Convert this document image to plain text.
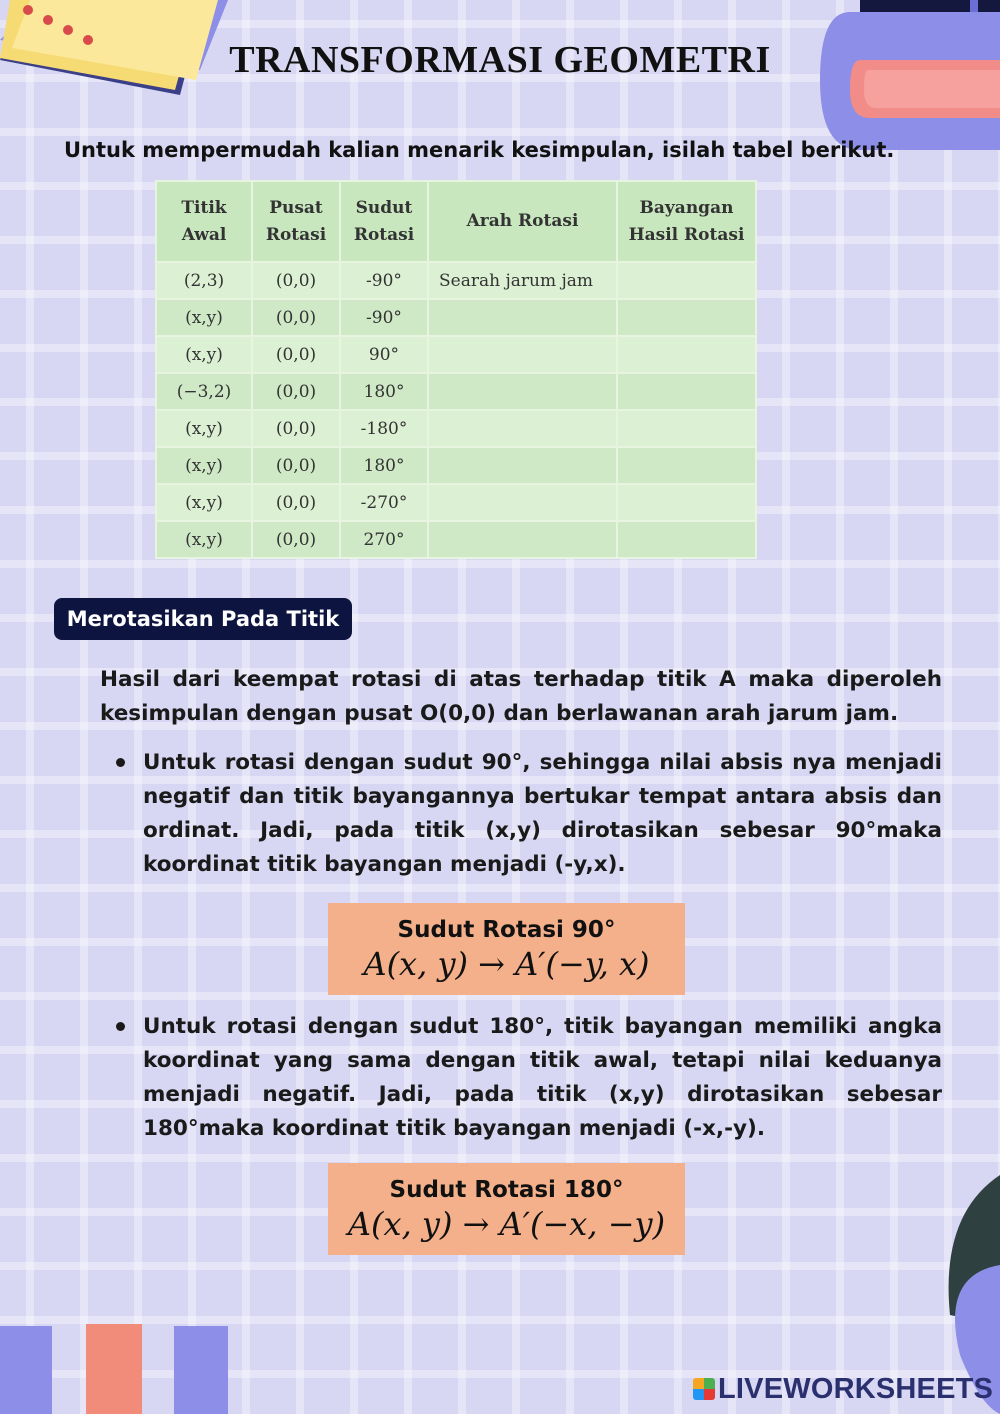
TRANSFORMASI GEOMETRI
Untuk mempermudah kalian menarik kesimpulan, isilah tabel berikut.
Titik Awal	Pusat Rotasi	Sudut Rotasi	Arah Rotasi	Bayangan Hasil Rotasi
(2,3)	(0,0)	-90°	Searah jarum jam	
(x,y)	(0,0)	-90°		
(x,y)	(0,0)	90°		
(−3,2)	(0,0)	180°		
(x,y)	(0,0)	-180°		
(x,y)	(0,0)	180°		
(x,y)	(0,0)	-270°		
(x,y)	(0,0)	270°		
Merotasikan Pada Titik
Hasil dari keempat rotasi di atas terhadap titik A maka diperoleh kesimpulan dengan pusat O(0,0) dan berlawanan arah jarum jam.
Untuk rotasi dengan sudut 90°, sehingga nilai absis nya menjadi negatif dan titik bayangannya bertukar tempat antara absis dan ordinat. Jadi, pada titik (x,y) dirotasikan sebesar 90°maka koordinat titik bayangan menjadi (-y,x).
Sudut Rotasi 90°
A(x, y) → A′(−y, x)
Untuk rotasi dengan sudut 180°, titik bayangan memiliki angka koordinat yang sama dengan titik awal, tetapi nilai keduanya menjadi negatif. Jadi, pada titik (x,y) dirotasikan sebesar 180°maka koordinat titik bayangan menjadi (-x,-y).
Sudut Rotasi 180°
A(x, y) → A′(−x, −y)
LIVEWORKSHEETS
